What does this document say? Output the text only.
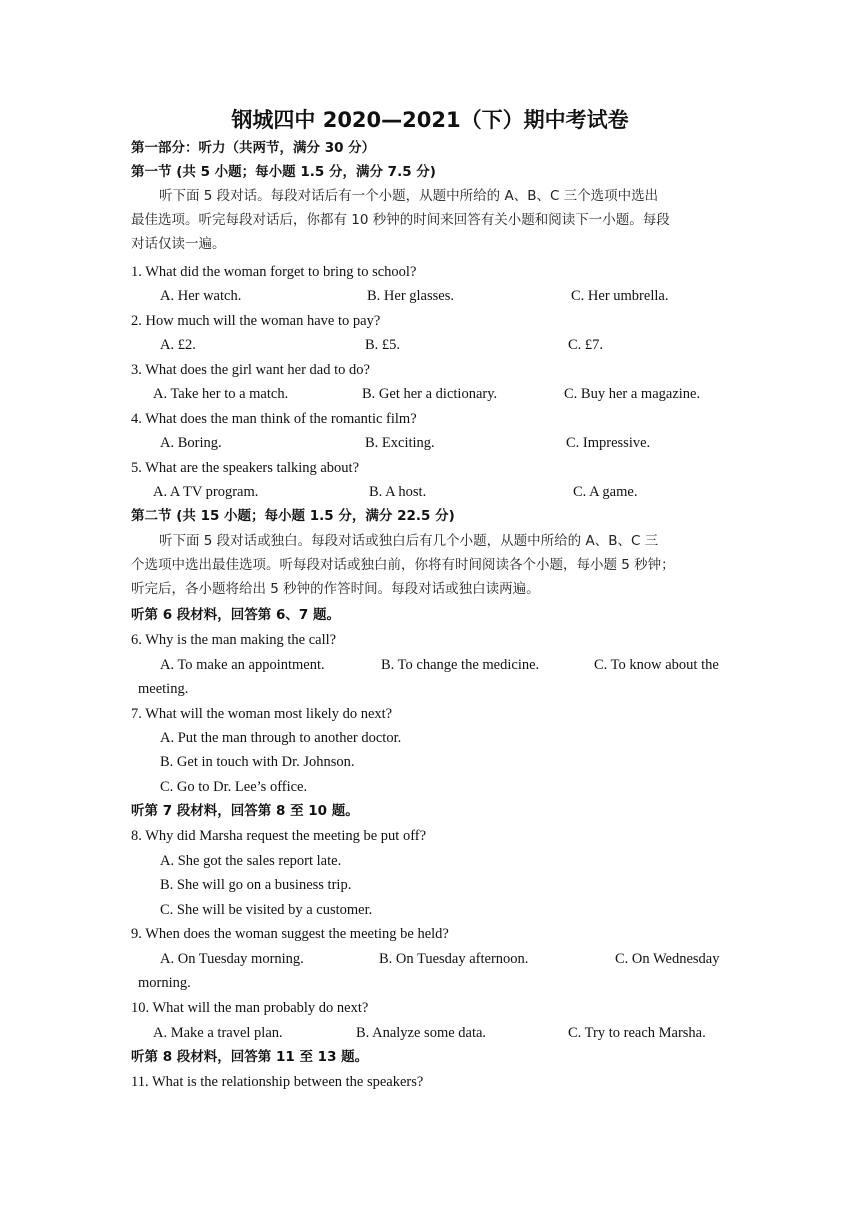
钢城四中 2020—2021（下）期中考试卷
第一部分：听力（共两节，满分 30 分）
第一节 (共 5 小题；每小题 1.5 分，满分 7.5 分)
听下面 5 段对话。每段对话后有一个小题，从题中所给的 A、B、C 三个选项中选出
最佳选项。听完每段对话后，你都有 10 秒钟的时间来回答有关小题和阅读下一小题。每段
对话仅读一遍。
1. What did the woman forget to bring to school?
A. Her watch.	B. Her glasses.	C. Her umbrella.
2. How much will the woman have to pay?
A. £2.	B. £5.	C. £7.
3. What does the girl want her dad to do?
A. Take her to a match.	B. Get her a dictionary.	C. Buy her a magazine.
4. What does the man think of the romantic film?
A. Boring.	B. Exciting.	C. Impressive.
5. What are the speakers talking about?
A. A TV program.	B. A host.	C. A game.
第二节 (共 15 小题；每小题 1.5 分，满分 22.5 分)
听下面 5 段对话或独白。每段对话或独白后有几个小题，从题中所给的 A、B、C 三
个选项中选出最佳选项。听每段对话或独白前，你将有时间阅读各个小题，每小题 5 秒钟；
听完后，各小题将给出 5 秒钟的作答时间。每段对话或独白读两遍。
听第 6 段材料，回答第 6、7 题。
6. Why is the man making the call?
A. To make an appointment.	B. To change the medicine.	C. To know about the
meeting.
7. What will the woman most likely do next?
A. Put the man through to another doctor.
B. Get in touch with Dr. Johnson.
C. Go to Dr. Lee’s office.
听第 7 段材料，回答第 8 至 10 题。
8. Why did Marsha request the meeting be put off?
A. She got the sales report late.
B. She will go on a business trip.
C. She will be visited by a customer.
9. When does the woman suggest the meeting be held?
A. On Tuesday morning.	B. On Tuesday afternoon.	C. On Wednesday
morning.
10. What will the man probably do next?
A. Make a travel plan.	B. Analyze some data.	C. Try to reach Marsha.
听第 8 段材料，回答第 11 至 13 题。
11. What is the relationship between the speakers?
